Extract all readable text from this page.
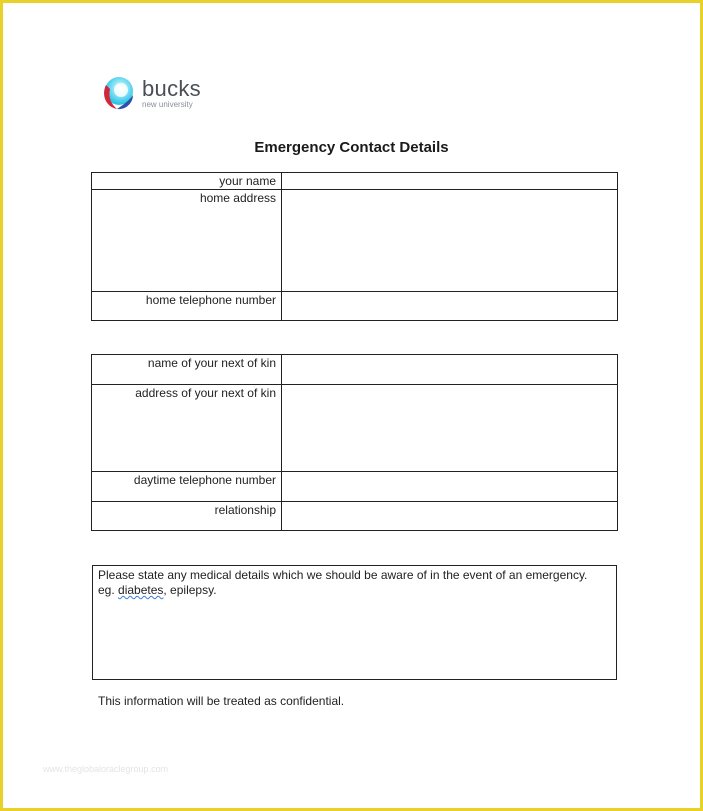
bucks
new university
Emergency Contact Details
your name	
home address	
home telephone number	
name of your next of kin	
address of your next of kin	
daytime telephone number	
relationship	
Please state any medical details which we should be aware of in the event of an emergency.
eg. diabetes, epilepsy.
This information will be treated as confidential.
www.theglobaloraclegroup.com
